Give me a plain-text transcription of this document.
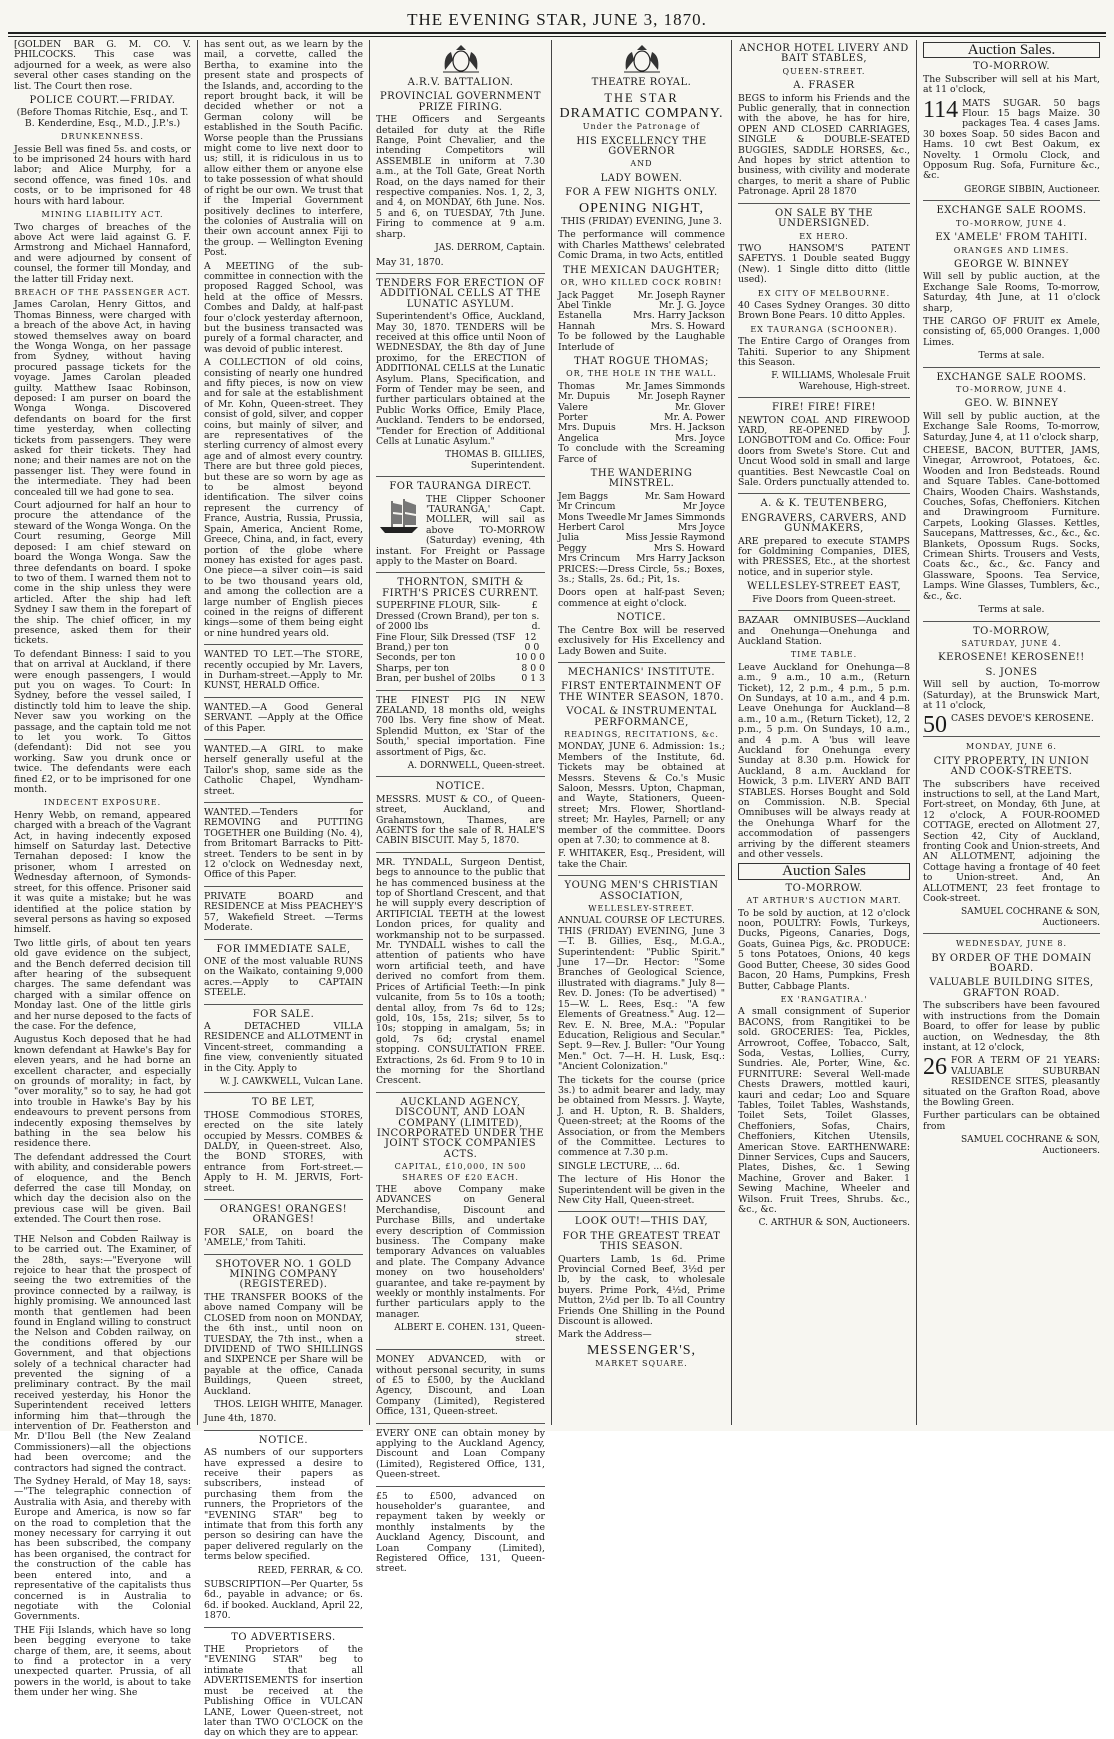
THE EVENING STAR, JUNE 3, 1870.

[GOLDEN BAR G. M. CO. V. PHILCOCKS. This case was adjourned for a week, as were also several other cases standing on the list. The Court then rose.

POLICE COURT.—FRIDAY.

(Before Thomas Ritchie, Esq., and T. B. Kenderdine, Esq., M.D., J.P.'s.)

DRUNKENNESS.

Jessie Bell was fined 5s. and costs, or to be imprisoned 24 hours with hard labor; and Alice Murphy, for a second offence, was fined 10s. and costs, or to be imprisoned for 48 hours with hard labour.

MINING LIABILITY ACT.

Two charges of breaches of the above Act were laid against G. F. Armstrong and Michael Hannaford, and were adjourned by consent of counsel, the former till Monday, and the latter till Friday next.

BREACH OF THE PASSENGER ACT.

James Carolan, Henry Gittos, and Thomas Binness, were charged with a breach of the above Act, in having stowed themselves away on board the Wonga Wonga, on her passage from Sydney, without having procured passage tickets for the voyage. James Carolan pleaded guilty. Matthew Isaac Robinson, deposed: I am purser on board the Wonga Wonga. Discovered defendants on board for the first time yesterday, when collecting tickets from passengers. They were asked for their tickets. They had none; and their names are not on the passenger list. They were found in the intermediate. They had been concealed till we had gone to sea.

Court adjourned for half an hour to procure the attendance of the steward of the Wonga Wonga. On the Court resuming, George Mill deposed: I am chief steward on board the Wonga Wonga. Saw the three defendants on board. I spoke to two of them. I warned them not to come in the ship unless they were articled. After the ship had left Sydney I saw them in the forepart of the ship. The chief officer, in my presence, asked them for their tickets.

To defendant Binness: I said to you that on arrival at Auckland, if there were enough passengers, I would put you on wages. To Court: In Sydney, before the vessel sailed, I distinctly told him to leave the ship. Never saw you working on the passage, and the captain told me not to let you work. To Gittos (defendant): Did not see you working. Saw you drunk once or twice. The defendants were each fined £2, or to be imprisoned for one month.

INDECENT EXPOSURE.

Henry Webb, on remand, appeared charged with a breach of the Vagrant Act, in having indecently exposed himself on Saturday last. Detective Ternahan deposed: I know the prisoner, whom I arrested on Wednesday afternoon, of Symonds-street, for this offence. Prisoner said it was quite a mistake; but he was identified at the police station by several persons as having so exposed himself.

Two little girls, of about ten years old gave evidence on the subject, and the Bench deferred decision till after hearing of the subsequent charges. The same defendant was charged with a similar offence on Monday last. One of the little girls and her nurse deposed to the facts of the case. For the defence,

Augustus Koch deposed that he had known defendant at Hawke's Bay for eleven years, and he had borne an excellent character, and especially on grounds of morality; in fact, by "over morality," so to say, he had got into trouble in Hawke's Bay by his endeavours to prevent persons from indecently exposing themselves by bathing in the sea below his residence there.

The defendant addressed the Court with ability, and considerable powers of eloquence, and the Bench deferred the case till Monday, on which day the decision also on the previous case will be given. Bail extended. The Court then rose.

THE Nelson and Cobden Railway is to be carried out. The Examiner, of the 28th, says:—"Everyone will rejoice to hear that the prospect of seeing the two extremities of the province connected by a railway, is highly promising. We announced last month that gentlemen had been found in England willing to construct the Nelson and Cobden railway, on the conditions offered by our Government, and that objections solely of a technical character had prevented the signing of a preliminary contract. By the mail received yesterday, his Honor the Superintendent received letters informing him that—through the intervention of Dr. Featherston and Mr. D'Ilou Bell (the New Zealand Commissioners)—all the objections had been overcome; and the contractors had signed the contract.

The Sydney Herald, of May 18, says:—"The telegraphic connection of Australia with Asia, and thereby with Europe and America, is now so far on the road to completion that the money necessary for carrying it out has been subscribed, the company has been organised, the contract for the construction of the cable has been entered into, and a representative of the capitalists thus concerned is in Australia to negotiate with the Colonial Governments.

THE Fiji Islands, which have so long been begging everyone to take charge of them, are, it seems, about to find a protector in a very unexpected quarter. Prussia, of all powers in the world, is about to take them under her wing. She

has sent out, as we learn by the mail, a corvette, called the Bertha, to examine into the present state and prospects of the Islands, and, according to the report brought back, it will be decided whether or not a German colony will be established in the South Pacific. Worse people than the Prussians might come to live next door to us; still, it is ridiculous in us to allow either them or anyone else to take possession of what should of right be our own. We trust that if the Imperial Government positively declines to interfere, the colonies of Australia will on their own account annex Fiji to the group. — Wellington Evening Post.

A MEETING of the sub-committee in connection with the proposed Ragged School, was held at the office of Messrs. Combes and Daldy, at half-past four o'clock yesterday afternoon, but the business transacted was purely of a formal character, and was devoid of public interest.

A COLLECTION of old coins, consisting of nearly one hundred and fifty pieces, is now on view and for sale at the establishment of Mr. Kohn, Queen-street. They consist of gold, silver, and copper coins, but mainly of silver, and are representatives of the sterling currency of almost every age and of almost every country. There are but three gold pieces, but these are so worn by age as to be almost beyond identification. The silver coins represent the currency of France, Austria, Russia, Prussia, Spain, America, Ancient Rome, Greece, China, and, in fact, every portion of the globe where money has existed for ages past. One piece—a silver coin—is said to be two thousand years old, and among the collection are a large number of English pieces coined in the reigns of different kings—some of them being eight or nine hundred years old.

WANTED TO LET.—The STORE, recently occupied by Mr. Lavers, in Durham-street.—Apply to Mr. KUNST, HERALD Office.

WANTED.—A Good General SERVANT. —Apply at the Office of this Paper.

WANTED.—A GIRL to make herself generally useful at the Tailor's shop, same side as the Catholic Chapel, Wyndham-street.

WANTED.—Tenders for REMOVING and PUTTING TOGETHER one Building (No. 4), from Britomart Barracks to Pitt-street. Tenders to be sent in by 12 o'clock on Wednesday next, Office of this Paper.

PRIVATE BOARD and RESIDENCE at Miss PEACHEY'S 57, Wakefield Street. —Terms Moderate.

FOR IMMEDIATE SALE,

ONE of the most valuable RUNS on the Waikato, containing 9,000 acres.—Apply to CAPTAIN STEELE.

FOR SALE.

A DETACHED VILLA RESIDENCE and ALLOTMENT in Vincent-street, commanding a fine view, conveniently situated in the City. Apply to

W. J. CAWKWELL, Vulcan Lane.
TO BE LET,

THOSE Commodious STORES, erected on the site lately occupied by Messrs. COMBES & DALDY, in Queen-street. Also, the BOND STORES, with entrance from Fort-street.—Apply to H. M. JERVIS, Fort-street.

ORANGES! ORANGES! ORANGES!

FOR SALE, on board the 'AMELE,' from Tahiti.

SHOTOVER NO. 1 GOLD MINING COMPANY (REGISTERED).

THE TRANSFER BOOKS of the above named Company will be CLOSED from noon on MONDAY, the 6th inst., until noon on TUESDAY, the 7th inst., when a DIVIDEND of TWO SHILLINGS and SIXPENCE per Share will be payable at the office, Canada Buildings, Queen street, Auckland.

THOS. LEIGH WHITE, Manager.

June 4th, 1870.

NOTICE.

AS numbers of our supporters have expressed a desire to receive their papers as subscribers, instead of purchasing them from the runners, the Proprietors of the "EVENING STAR" beg to intimate that from this forth any person so desiring can have the paper delivered regularly on the terms below specified.

REED, FERRAR, & CO.

SUBSCRIPTION—Per Quarter, 5s 6d., payable in advance; or 6s. 6d. if booked. Auckland, April 22, 1870.

TO ADVERTISERS.

THE Proprietors of the "EVENING STAR" beg to intimate that all ADVERTISEMENTS for insertion must be received at the Publishing Office in VULCAN LANE, Lower Queen-street, not later than TWO O'CLOCK on the day on which they are to appear.

A.R.V. BATTALION.
PROVINCIAL GOVERNMENT PRIZE FIRING.

THE Officers and Sergeants detailed for duty at the Rifle Range, Point Chevalier, and the intending Competitors will ASSEMBLE in uniform at 7.30 a.m., at the Toll Gate, Great North Road, on the days named for their respective companies. Nos. 1, 2, 3, and 4, on MONDAY, 6th June. Nos. 5 and 6, on TUESDAY, 7th June. Firing to commence at 9 a.m. sharp.

JAS. DERROM, Captain.

May 31, 1870.

TENDERS FOR ERECTION OF ADDITIONAL CELLS AT THE LUNATIC ASYLUM.

Superintendent's Office, Auckland, May 30, 1870. TENDERS will be received at this office until Noon of WEDNESDAY, the 8th day of June proximo, for the ERECTION of ADDITIONAL CELLS at the Lunatic Asylum. Plans, Specification, and Form of Tender may be seen, and further particulars obtained at the Public Works Office, Emily Place, Auckland. Tenders to be endorsed, "Tender for Erection of Additional Cells at Lunatic Asylum."

THOMAS B. GILLIES, Superintendent.
FOR TAURANGA DIRECT.

THE Clipper Schooner 'TAURANGA,' Capt. MOLLER, will sail as above TO-MORROW (Saturday) evening, 4th instant. For Freight or Passage apply to the Master on Board.

THORNTON, SMITH & FIRTH'S PRICES CURRENT.
SUPERFINE FLOUR, Silk-Dressed (Crown Brand), per ton of 2000 lbs
£ s. d.
Fine Flour, Silk Dressed (TSF Brand,) per ton
12 0 0
Seconds, per ton	10 0 0
Sharps, per ton	8 0 0
Bran, per bushel of 20lbs	0 1 3

THE FINEST PIG IN NEW ZEALAND, 18 months old, weighs 700 lbs. Very fine show of Meat. Splendid Mutton, ex 'Star of the South,' special importation. Fine assortment of Pigs, &c.

A. DORNWELL, Queen-street.
NOTICE.

MESSRS. MUST & CO., of Queen-street, Auckland, and Grahamstown, Thames, are AGENTS for the sale of R. HALE'S CABIN BISCUIT. May 5, 1870.

MR. TYNDALL, Surgeon Dentist, begs to announce to the public that he has commenced business at the top of Shortland Crescent, and that he will supply every description of ARTIFICIAL TEETH at the lowest London prices, for quality and workmanship not to be surpassed. Mr. TYNDALL wishes to call the attention of patients who have worn artificial teeth, and have derived no comfort from them. Prices of Artificial Teeth:—In pink vulcanite, from 5s to 10s a tooth; dental alloy, from 7s 6d to 12s; gold, 10s, 15s, 21s; silver, 5s to 10s; stopping in amalgam, 5s; in gold, 7s 6d; crystal enamel stopping. CONSULTATION FREE. Extractions, 2s 6d. From 9 to 10 in the morning for the Shortland Crescent.

AUCKLAND AGENCY, DISCOUNT, AND LOAN COMPANY (LIMITED), INCORPORATED UNDER THE JOINT STOCK COMPANIES ACTS.
CAPITAL, £10,000, IN 500 SHARES OF £20 EACH.

THE above Company make ADVANCES on General Merchandise, Discount and Purchase Bills, and undertake every description of Commission business. The Company make temporary Advances on valuables and plate. The Company Advance money on two householders' guarantee, and take re-payment by weekly or monthly instalments. For further particulars apply to the manager.

ALBERT E. COHEN. 131, Queen-street.

MONEY ADVANCED, with or without personal security, in sums of £5 to £500, by the Auckland Agency, Discount, and Loan Company (Limited), Registered Office, 131, Queen-street.

EVERY ONE can obtain money by applying to the Auckland Agency, Discount and Loan Company (Limited), Registered Office, 131, Queen-street.

£5 to £500, advanced on householder's guarantee, and repayment taken by weekly or monthly instalments by the Auckland Agency, Discount, and Loan Company (Limited), Registered Office, 131, Queen-street.

THEATRE ROYAL.
THE STAR
DRAMATIC COMPANY.
Under the Patronage of
HIS EXCELLENCY THE GOVERNOR
AND
LADY BOWEN.
FOR A FEW NIGHTS ONLY.
OPENING NIGHT,

THIS (FRIDAY) EVENING, June 3.

The performance will commence with Charles Matthews' celebrated Comic Drama, in two Acts, entitled

THE MEXICAN DAUGHTER;
OR, WHO KILLED COCK ROBIN!
Jack Pagget	Mr. Joseph Rayner
Abel Tinkle	Mr. J. G. Joyce
Estanella	Mrs. Harry Jackson
Hannah	Mrs. S. Howard

To be followed by the Laughable Interlude of

THAT ROGUE THOMAS;
OR, THE HOLE IN THE WALL.
Thomas	Mr. James Simmonds
Mr. Dupuis	Mr. Joseph Rayner
Valere	Mr. Glover
Porter	Mr. A. Power
Mrs. Dupuis	Mrs. H. Jackson
Angelica	Mrs. Joyce

To conclude with the Screaming Farce of

THE WANDERING MINSTREL.
Jem Baggs	Mr. Sam Howard
Mr Crincum	Mr Joyce
Mons Tweedle Mr James Simmonds
Herbert Carol	Mrs Joyce
Julia	Miss Jessie Raymond
Peggy	Mrs S. Howard
Mrs Crincum Mrs Harry Jackson

PRICES:—Dress Circle, 5s.; Boxes, 3s.; Stalls, 2s. 6d.; Pit, 1s.

Doors open at half-past Seven; commence at eight o'clock.

NOTICE.

The Centre Box will be reserved exclusively for His Excellency and Lady Bowen and Suite.

MECHANICS' INSTITUTE.
FIRST ENTERTAINMENT OF THE WINTER SEASON, 1870.
VOCAL & INSTRUMENTAL PERFORMANCE,
READINGS, RECITATIONS, &c.

MONDAY, JUNE 6. Admission: 1s.; Members of the Institute, 6d. Tickets may be obtained at Messrs. Stevens & Co.'s Music Saloon, Messrs. Upton, Chapman, and Wayte, Stationers, Queen-street; Mrs. Flower, Shortland-street; Mr. Hayles, Parnell; or any member of the committee. Doors open at 7.30; to commence at 8.

F. WHITAKER, Esq., President, will take the Chair.

YOUNG MEN'S CHRISTIAN ASSOCIATION,
WELLESLEY-STREET.

ANNUAL COURSE OF LECTURES. THIS (FRIDAY) EVENING, June 3—T. B. Gillies, Esq., M.G.A., Superintendent: "Public Spirit." June 17—Dr. Hector: "Some Branches of Geological Science, illustrated with diagrams." July 8—Rev. D. Jones: (To be advertised) " 15—W. L. Rees, Esq.: "A few Elements of Greatness." Aug. 12—Rev. E. N. Bree, M.A.: "Popular Education, Religious and Secular." Sept. 9—Rev. J. Buller: "Our Young Men." Oct. 7—H. H. Lusk, Esq.: "Ancient Colonization."

The tickets for the course (price 3s.) to admit bearer and lady, may be obtained from Messrs. J. Wayte, J. and H. Upton, R. B. Shalders, Queen-street; at the Rooms of the Association, or from the Members of the Committee. Lectures to commence at 7.30 p.m.

SINGLE LECTURE, ... 6d.

The lecture of His Honor the Superintendent will be given in the New City Hall, Queen-street.

LOOK OUT!—THIS DAY,
FOR THE GREATEST TREAT THIS SEASON.

Quarters Lamb, 1s 6d. Prime Provincial Corned Beef, 3½d per lb, by the cask, to wholesale buyers. Prime Pork, 4½d, Prime Mutton, 2½d per lb. To all Country Friends One Shilling in the Pound Discount is allowed.

Mark the Address—

MESSENGER'S,
MARKET SQUARE.
ANCHOR HOTEL LIVERY AND BAIT STABLES,
QUEEN-STREET.
A. FRASER

BEGS to inform his Friends and the Public generally, that in connection with the above, he has for hire, OPEN AND CLOSED CARRIAGES, SINGLE & DOUBLE-SEATED BUGGIES, SADDLE HORSES, &c., And hopes by strict attention to business, with civility and moderate charges, to merit a share of Public Patronage. April 28 1870

ON SALE BY THE UNDERSIGNED.
EX HERO.

TWO HANSOM'S PATENT SAFETYS. 1 Double seated Buggy (New). 1 Single ditto ditto (little used).

EX CITY OF MELBOURNE.

40 Cases Sydney Oranges. 30 ditto Brown Bone Pears. 10 ditto Apples.

EX TAURANGA (SCHOONER).

The Entire Cargo of Oranges from Tahiti. Superior to any Shipment this Season.

F. WILLIAMS, Wholesale Fruit Warehouse, High-street.
FIRE! FIRE! FIRE!

NEWTON COAL AND FIREWOOD YARD, RE-OPENED by J. LONGBOTTOM and Co. Office: Four doors from Swete's Store. Cut and Uncut Wood sold in small and large quantities. Best Newcastle Coal on Sale. Orders punctually attended to.

A. & K. TEUTENBERG,
ENGRAVERS, CARVERS, AND GUNMAKERS,

ARE prepared to execute STAMPS for Goldmining Companies, DIES, with PRESSES, Etc., at the shortest notice, and in superior style.

WELLESLEY-STREET EAST,

Five Doors from Queen-street.

BAZAAR OMNIBUSES—Auckland and Onehunga—Onehunga and Auckland Station.

TIME TABLE.

Leave Auckland for Onehunga—8 a.m., 9 a.m., 10 a.m., (Return Ticket), 12, 2 p.m., 4 p.m., 5 p.m. On Sundays, at 10 a.m., and 4 p.m. Leave Onehunga for Auckland—8 a.m., 10 a.m., (Return Ticket), 12, 2 p.m., 5 p.m. On Sundays, 10 a.m., and 4 p.m. A 'bus will leave Auckland for Onehunga every Sunday at 8.30 p.m. Howick for Auckland, 8 a.m. Auckland for Howick, 3 p.m. LIVERY AND BAIT STABLES. Horses Bought and Sold on Commission. N.B. Special Omnibuses will be always ready at the Onehunga Wharf for the accommodation of passengers arriving by the different steamers and other vessels.

Auction Sales
TO-MORROW.
AT ARTHUR'S AUCTION MART.

To be sold by auction, at 12 o'clock noon, POULTRY: Fowls, Turkeys, Ducks, Pigeons, Canaries, Dogs, Goats, Guinea Pigs, &c. PRODUCE: 5 tons Potatoes, Onions, 40 kegs Good Butter, Cheese, 30 sides Good Bacon, 20 Hams, Pumpkins, Fresh Butter, Cabbage Plants.

EX 'RANGATIRA.'

A small consignment of Superior BACONS, from Rangitikei to be sold. GROCERIES: Tea, Pickles, Arrowroot, Coffee, Tobacco, Salt, Soda, Vestas, Lollies, Curry, Sundries. Ale, Porter, Wine, &c. FURNITURE: Several Well-made Chests Drawers, mottled kauri, kauri and cedar; Loo and Square Tables, Toilet Tables, Washstands, Toilet Sets, Toilet Glasses, Cheffoniers, Sofas, Chairs, Cheffoniers, Kitchen Utensils, American Stove. EARTHENWARE: Dinner Services, Cups and Saucers, Plates, Dishes, &c. 1 Sewing Machine, Grover and Baker. 1 Sewing Machine, Wheeler and Wilson. Fruit Trees, Shrubs. &c., &c., &c.

C. ARTHUR & SON, Auctioneers.
Auction Sales.
TO-MORROW.

The Subscriber will sell at his Mart, at 11 o'clock,

114 MATS SUGAR. 50 bags Flour. 15 bags Maize. 30 packages Tea. 4 cases Jams. 30 boxes Soap. 50 sides Bacon and Hams. 10 cwt Best Oakum, ex Novelty. 1 Ormolu Clock, and Opposum Rug. Sofa, Furniture &c., &c.

GEORGE SIBBIN, Auctioneer.
EXCHANGE SALE ROOMS.
TO-MORROW, JUNE 4.
EX 'AMELE' FROM TAHITI.
ORANGES AND LIMES.
GEORGE W. BINNEY

Will sell by public auction, at the Exchange Sale Rooms, To-morrow, Saturday, 4th June, at 11 o'clock sharp,

THE CARGO OF FRUIT ex Amele, consisting of, 65,000 Oranges. 1,000 Limes.

Terms at sale.

EXCHANGE SALE ROOMS.
TO-MORROW, JUNE 4.
GEO. W. BINNEY

Will sell by public auction, at the Exchange Sale Rooms, To-morrow, Saturday, June 4, at 11 o'clock sharp,

CHEESE, BACON, BUTTER, JAMS, Vinegar, Arrowroot, Potatoes, &c. Wooden and Iron Bedsteads. Round and Square Tables. Cane-bottomed Chairs, Wooden Chairs. Washstands, Couches, Sofas, Cheffoniers. Kitchen and Drawingroom Furniture. Carpets, Looking Glasses. Kettles, Saucepans, Mattresses, &c., &c., &c. Blankets, Opossum Rugs. Socks, Crimean Shirts. Trousers and Vests, Coats &c., &c., &c. Fancy and Glassware, Spoons. Tea Service, Lamps. Wine Glasses, Tumblers, &c., &c., &c.

Terms at sale.

TO-MORROW,
SATURDAY, JUNE 4.
KEROSENE! KEROSENE!!
S. JONES

Will sell by auction, To-morrow (Saturday), at the Brunswick Mart, at 11 o'clock,

50 CASES DEVOE'S KEROSENE.

MONDAY, JUNE 6.
CITY PROPERTY, IN UNION AND COOK-STREETS.

The subscribers have received instructions to sell, at the Land Mart, Fort-street, on Monday, 6th June, at 12 o'clock, A FOUR-ROOMED COTTAGE, erected on Allotment 27, Section 42, City of Auckland, fronting Cook and Union-streets, And AN ALLOTMENT, adjoining the Cottage having a frontage of 40 feet to Union-street. And, An ALLOTMENT, 23 feet frontage to Cook-street.

SAMUEL COCHRANE & SON, Auctioneers.
WEDNESDAY, JUNE 8.
BY ORDER OF THE DOMAIN BOARD.
VALUABLE BUILDING SITES, GRAFTON ROAD.

The subscribers have been favoured with instructions from the Domain Board, to offer for lease by public auction, on Wednesday, the 8th instant, at 12 o'clock,

26 FOR A TERM OF 21 YEARS: VALUABLE SUBURBAN RESIDENCE SITES, pleasantly situated on the Grafton Road, above the Bowling Green.

Further particulars can be obtained from

SAMUEL COCHRANE & SON, Auctioneers.
